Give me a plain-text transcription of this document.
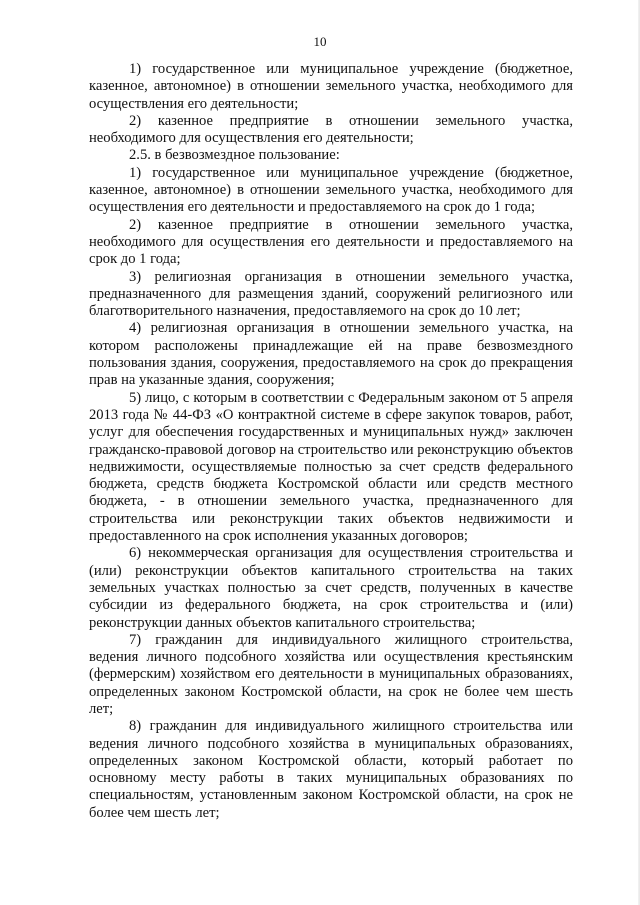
10

1) государственное или муниципальное учреждение (бюджетное, казенное, автономное) в отношении земельного участка, необходимого для осуществления его деятельности;

2) казенное предприятие в отношении земельного участка, необходимого для осуществления его деятельности;

2.5. в безвозмездное пользование:

1) государственное или муниципальное учреждение (бюджетное, казенное, автономное) в отношении земельного участка, необходимого для осуществления его деятельности и предоставляемого на срок до 1 года;

2) казенное предприятие в отношении земельного участка, необходимого для осуществления его деятельности и предоставляемого на срок до 1 года;

3) религиозная организация в отношении земельного участка, предназначенного для размещения зданий, сооружений религиозного или благотворительного назначения, предоставляемого на срок до 10 лет;

4) религиозная организация в отношении земельного участка, на котором расположены принадлежащие ей на праве безвозмездного пользования здания, сооружения, предоставляемого на срок до прекращения прав на указанные здания, сооружения;

5) лицо, с которым в соответствии с Федеральным законом от 5 апреля 2013 года № 44-ФЗ «О контрактной системе в сфере закупок товаров, работ, услуг для обеспечения государственных и муниципальных нужд» заключен гражданско-правовой договор на строительство или реконструкцию объектов недвижимости, осуществляемые полностью за счет средств федерального бюджета, средств бюджета Костромской области или средств местного бюджета, - в отношении земельного участка, предназначенного для строительства или реконструкции таких объектов недвижимости и предоставленного на срок исполнения указанных договоров;

6) некоммерческая организация для осуществления строительства и (или) реконструкции объектов капитального строительства на таких земельных участках полностью за счет средств, полученных в качестве субсидии из федерального бюджета, на срок строительства и (или) реконструкции данных объектов капитального строительства;

7) гражданин для индивидуального жилищного строительства, ведения личного подсобного хозяйства или осуществления крестьянским (фермерским) хозяйством его деятельности в муниципальных образованиях, определенных законом Костромской области, на срок не более чем шесть лет;

8) гражданин для индивидуального жилищного строительства или ведения личного подсобного хозяйства в муниципальных образованиях, определенных законом Костромской области, который работает по основному месту работы в таких муниципальных образованиях по специальностям, установленным законом Костромской области, на срок не более чем шесть лет;
